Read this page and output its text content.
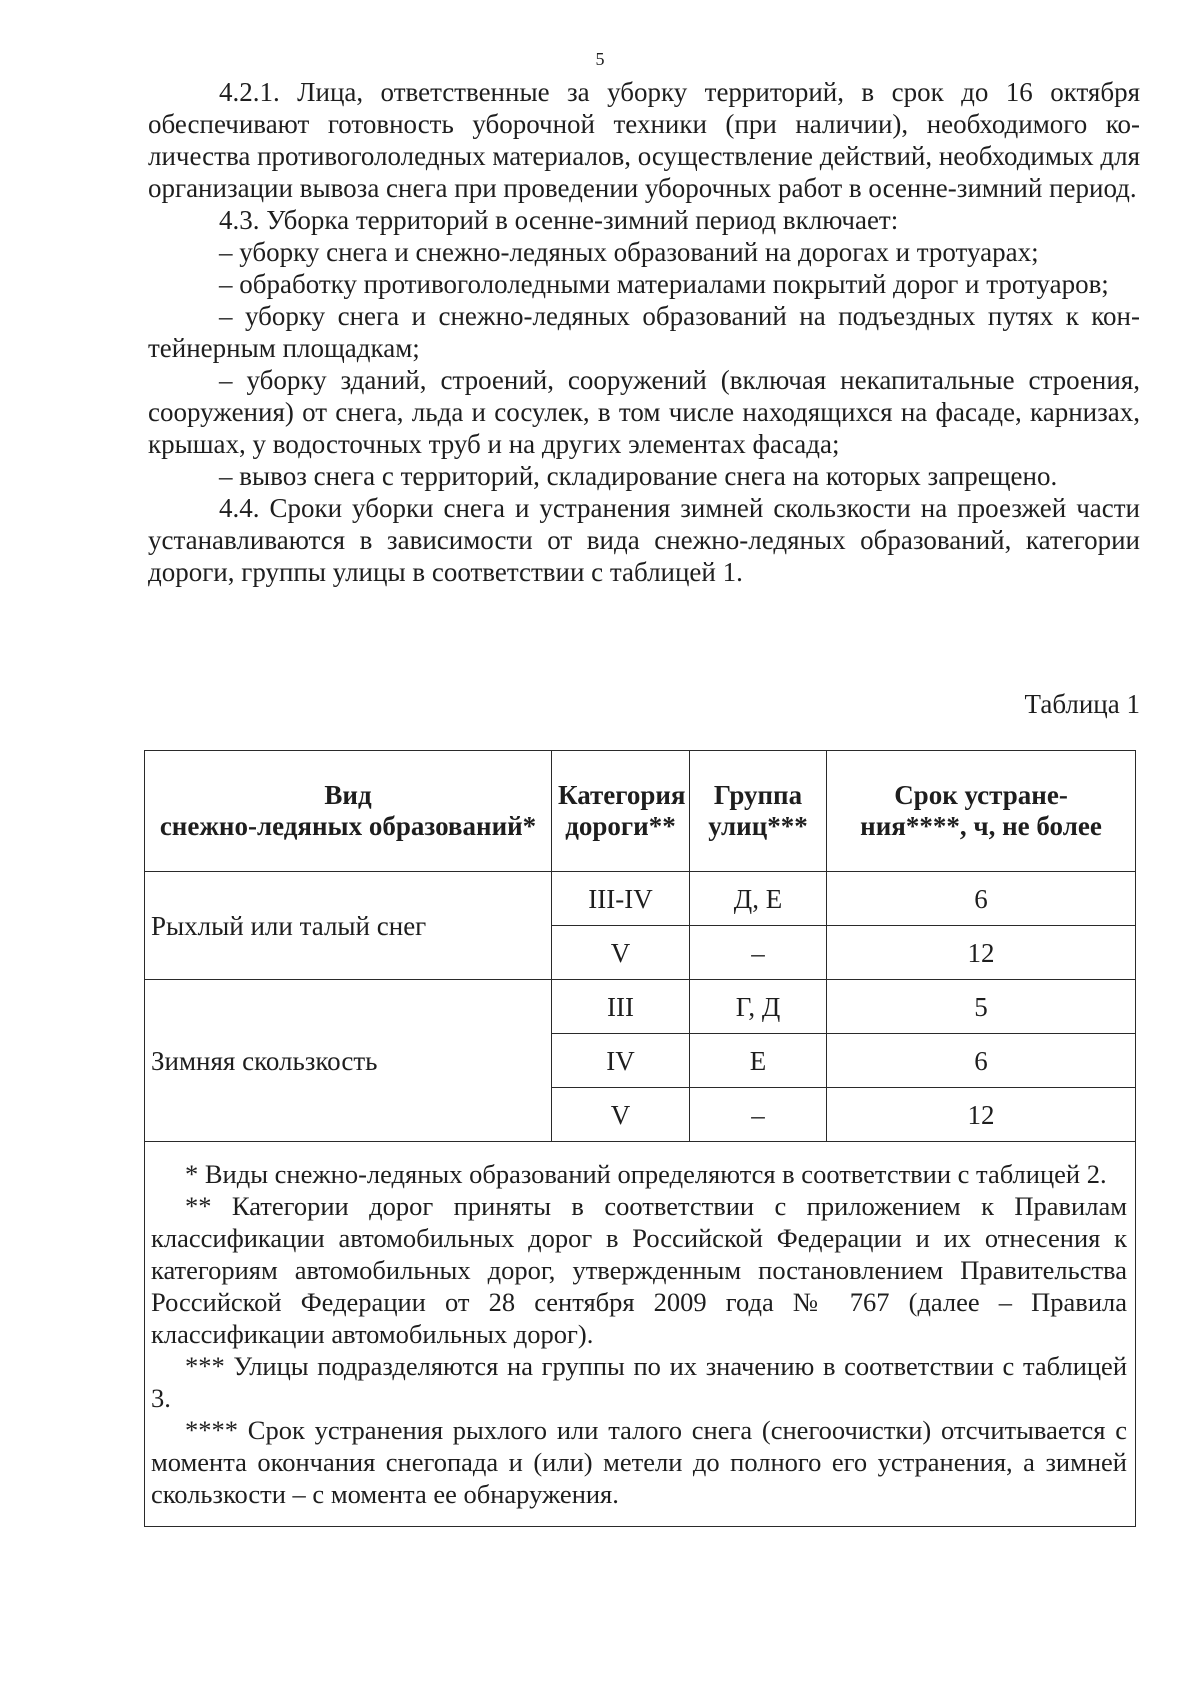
5

4.2.1. Лица, ответственные за уборку территорий, в срок до 16 октября обеспечивают готовность уборочной техники (при наличии), необходимого количества противогололедных материалов, осуществление действий, необходимых для организации вывоза снега при проведении уборочных работ в осенне-зимний период.

4.3. Уборка территорий в осенне-зимний период включает:

– уборку снега и снежно-ледяных образований на дорогах и тротуарах;

– обработку противогололедными материалами покрытий дорог и тротуаров;

– уборку снега и снежно-ледяных образований на подъездных путях к контейнерным площадкам;

– уборку зданий, строений, сооружений (включая некапитальные строения, сооружения) от снега, льда и сосулек, в том числе находящихся на фасаде, карнизах, крышах, у водосточных труб и на других элементах фасада;

– вывоз снега с территорий, складирование снега на которых запрещено.

4.4. Сроки уборки снега и устранения зимней скользкости на проезжей части устанавливаются в зависимости от вида снежно-ледяных образований, категории дороги, группы улицы в соответствии с таблицей 1.

Таблица 1
Вид
снежно-ледяных образований*	Категория дороги**	Группа улиц***	Срок устранения****, ч, не более
Рыхлый или талый снег	III-IV	Д, Е	6
	V	–	12
Зимняя скользкость	III	Г, Д	5
	IV	Е	6
	V	–	12

* Виды снежно-ледяных образований определяются в соответствии с таблицей 2.

** Категории дорог приняты в соответствии с приложением к Правилам классификации автомобильных дорог в Российской Федерации и их отнесения к категориям автомобильных дорог, утвержденным постановлением Правительства Российской Федерации от 28 сентября 2009 года № 767 (далее – Правила классификации автомобильных дорог).

*** Улицы подразделяются на группы по их значению в соответствии с таблицей 3.

**** Срок устранения рыхлого или талого снега (снегоочистки) отсчитывается с момента окончания снегопада и (или) метели до полного его устранения, а зимней скользкости – с момента ее обнаружения.			
